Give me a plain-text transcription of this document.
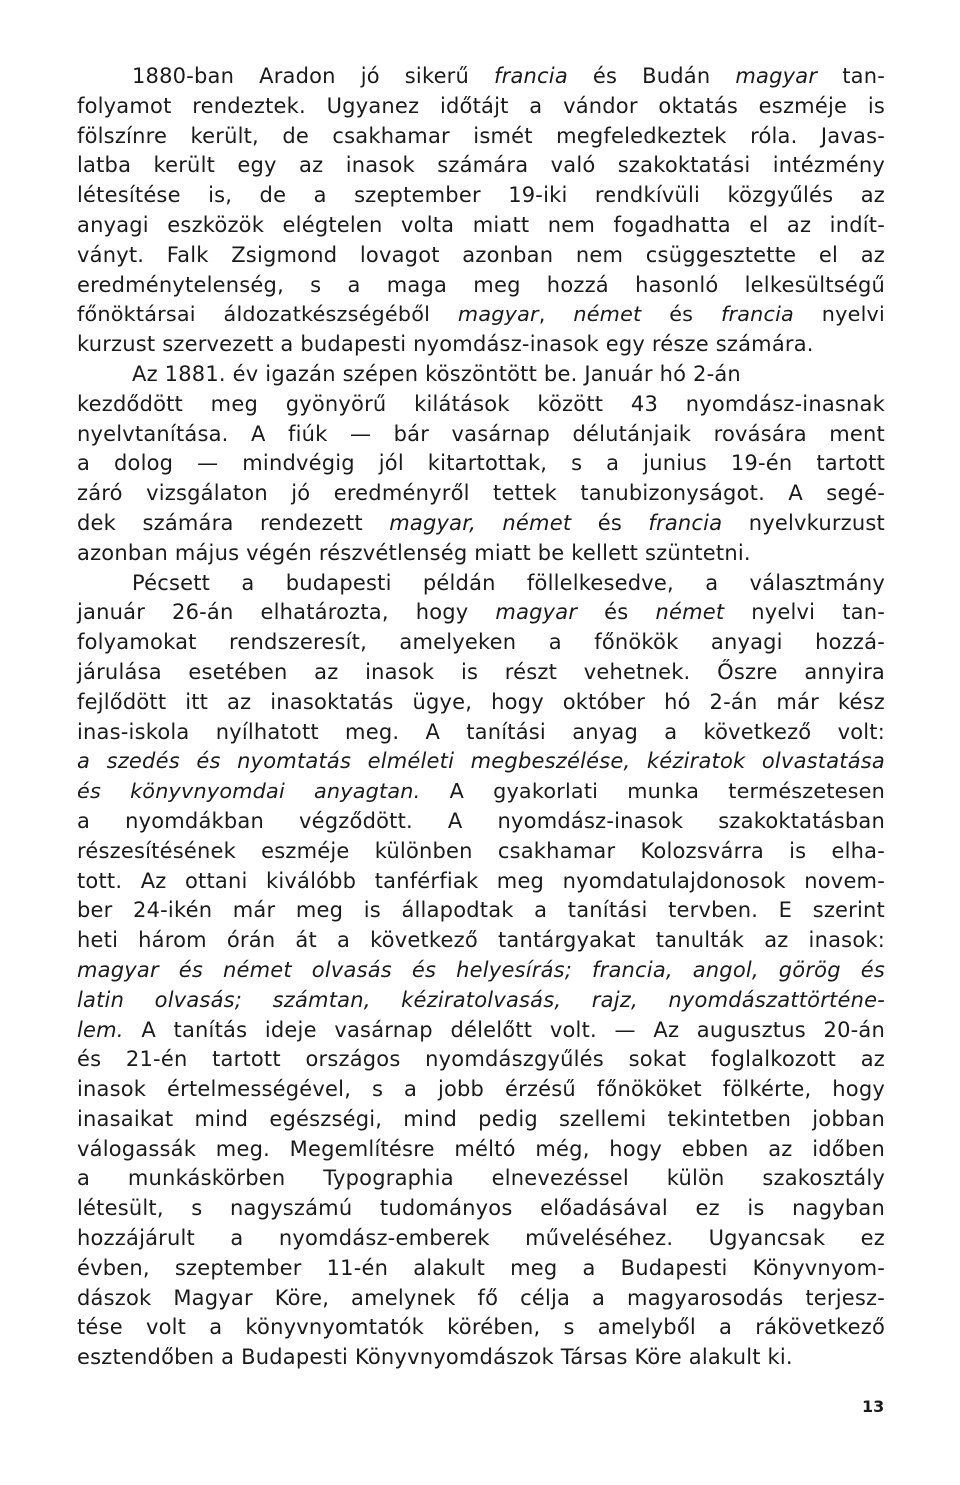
1880-ban Aradon jó sikerű francia és Budán magyar tan-
folyamot rendeztek. Ugyanez időtájt a vándor oktatás eszméje is
fölszínre került, de csakhamar ismét megfeledkeztek róla. Javas-
latba került egy az inasok számára való szakoktatási intézmény
létesítése is, de a szeptember 19-iki rendkívüli közgyűlés az
anyagi eszközök elégtelen volta miatt nem fogadhatta el az indít-
ványt. Falk Zsigmond lovagot azonban nem csüggesztette el az
eredménytelenség, s a maga meg hozzá hasonló lelkesültségű
főnöktársai áldozatkészségéből magyar, német és francia nyelvi
kurzust szervezett a budapesti nyomdász-inasok egy része számára.
Az 1881. év igazán szépen köszöntött be. Január hó 2-án
kezdődött meg gyönyörű kilátások között 43 nyomdász-inasnak
nyelvtanítása. A fiúk — bár vasárnap délutánjaik rovására ment
a dolog — mindvégig jól kitartottak, s a junius 19-én tartott
záró vizsgálaton jó eredményről tettek tanubizonyságot. A segé-
dek számára rendezett magyar, német és francia nyelvkurzust
azonban május végén részvétlenség miatt be kellett szüntetni.
Pécsett a budapesti példán föllelkesedve, a választmány
január 26-án elhatározta, hogy magyar és német nyelvi tan-
folyamokat rendszeresít, amelyeken a főnökök anyagi hozzá-
járulása esetében az inasok is részt vehetnek. Őszre annyira
fejlődött itt az inasoktatás ügye, hogy október hó 2-án már kész
inas-iskola nyílhatott meg. A tanítási anyag a következő volt:
a szedés és nyomtatás elméleti megbeszélése, kéziratok olvastatása
és könyvnyomdai anyagtan. A gyakorlati munka természetesen
a nyomdákban végződött. A nyomdász-inasok szakoktatásban
részesítésének eszméje különben csakhamar Kolozsvárra is elha-
tott. Az ottani kiválóbb tanférfiak meg nyomdatulajdonosok novem-
ber 24-ikén már meg is állapodtak a tanítási tervben. E szerint
heti három órán át a következő tantárgyakat tanulták az inasok:
magyar és német olvasás és helyesírás; francia, angol, görög és
latin olvasás; számtan, kéziratolvasás, rajz, nyomdászattörténe-
lem. A tanítás ideje vasárnap délelőtt volt. — Az augusztus 20-án
és 21-én tartott országos nyomdászgyűlés sokat foglalkozott az
inasok értelmességével, s a jobb érzésű főnököket fölkérte, hogy
inasaikat mind egészségi, mind pedig szellemi tekintetben jobban
válogassák meg. Megemlítésre méltó még, hogy ebben az időben
a munkáskörben Typographia elnevezéssel külön szakosztály
létesült, s nagyszámú tudományos előadásával ez is nagyban
hozzájárult a nyomdász-emberek műveléséhez. Ugyancsak ez
évben, szeptember 11-én alakult meg a Budapesti Könyvnyom-
dászok Magyar Köre, amelynek fő célja a magyarosodás terjesz-
tése volt a könyvnyomtatók körében, s amelyből a rákövetkező
esztendőben a Budapesti Könyvnyomdászok Társas Köre alakult ki.
13
